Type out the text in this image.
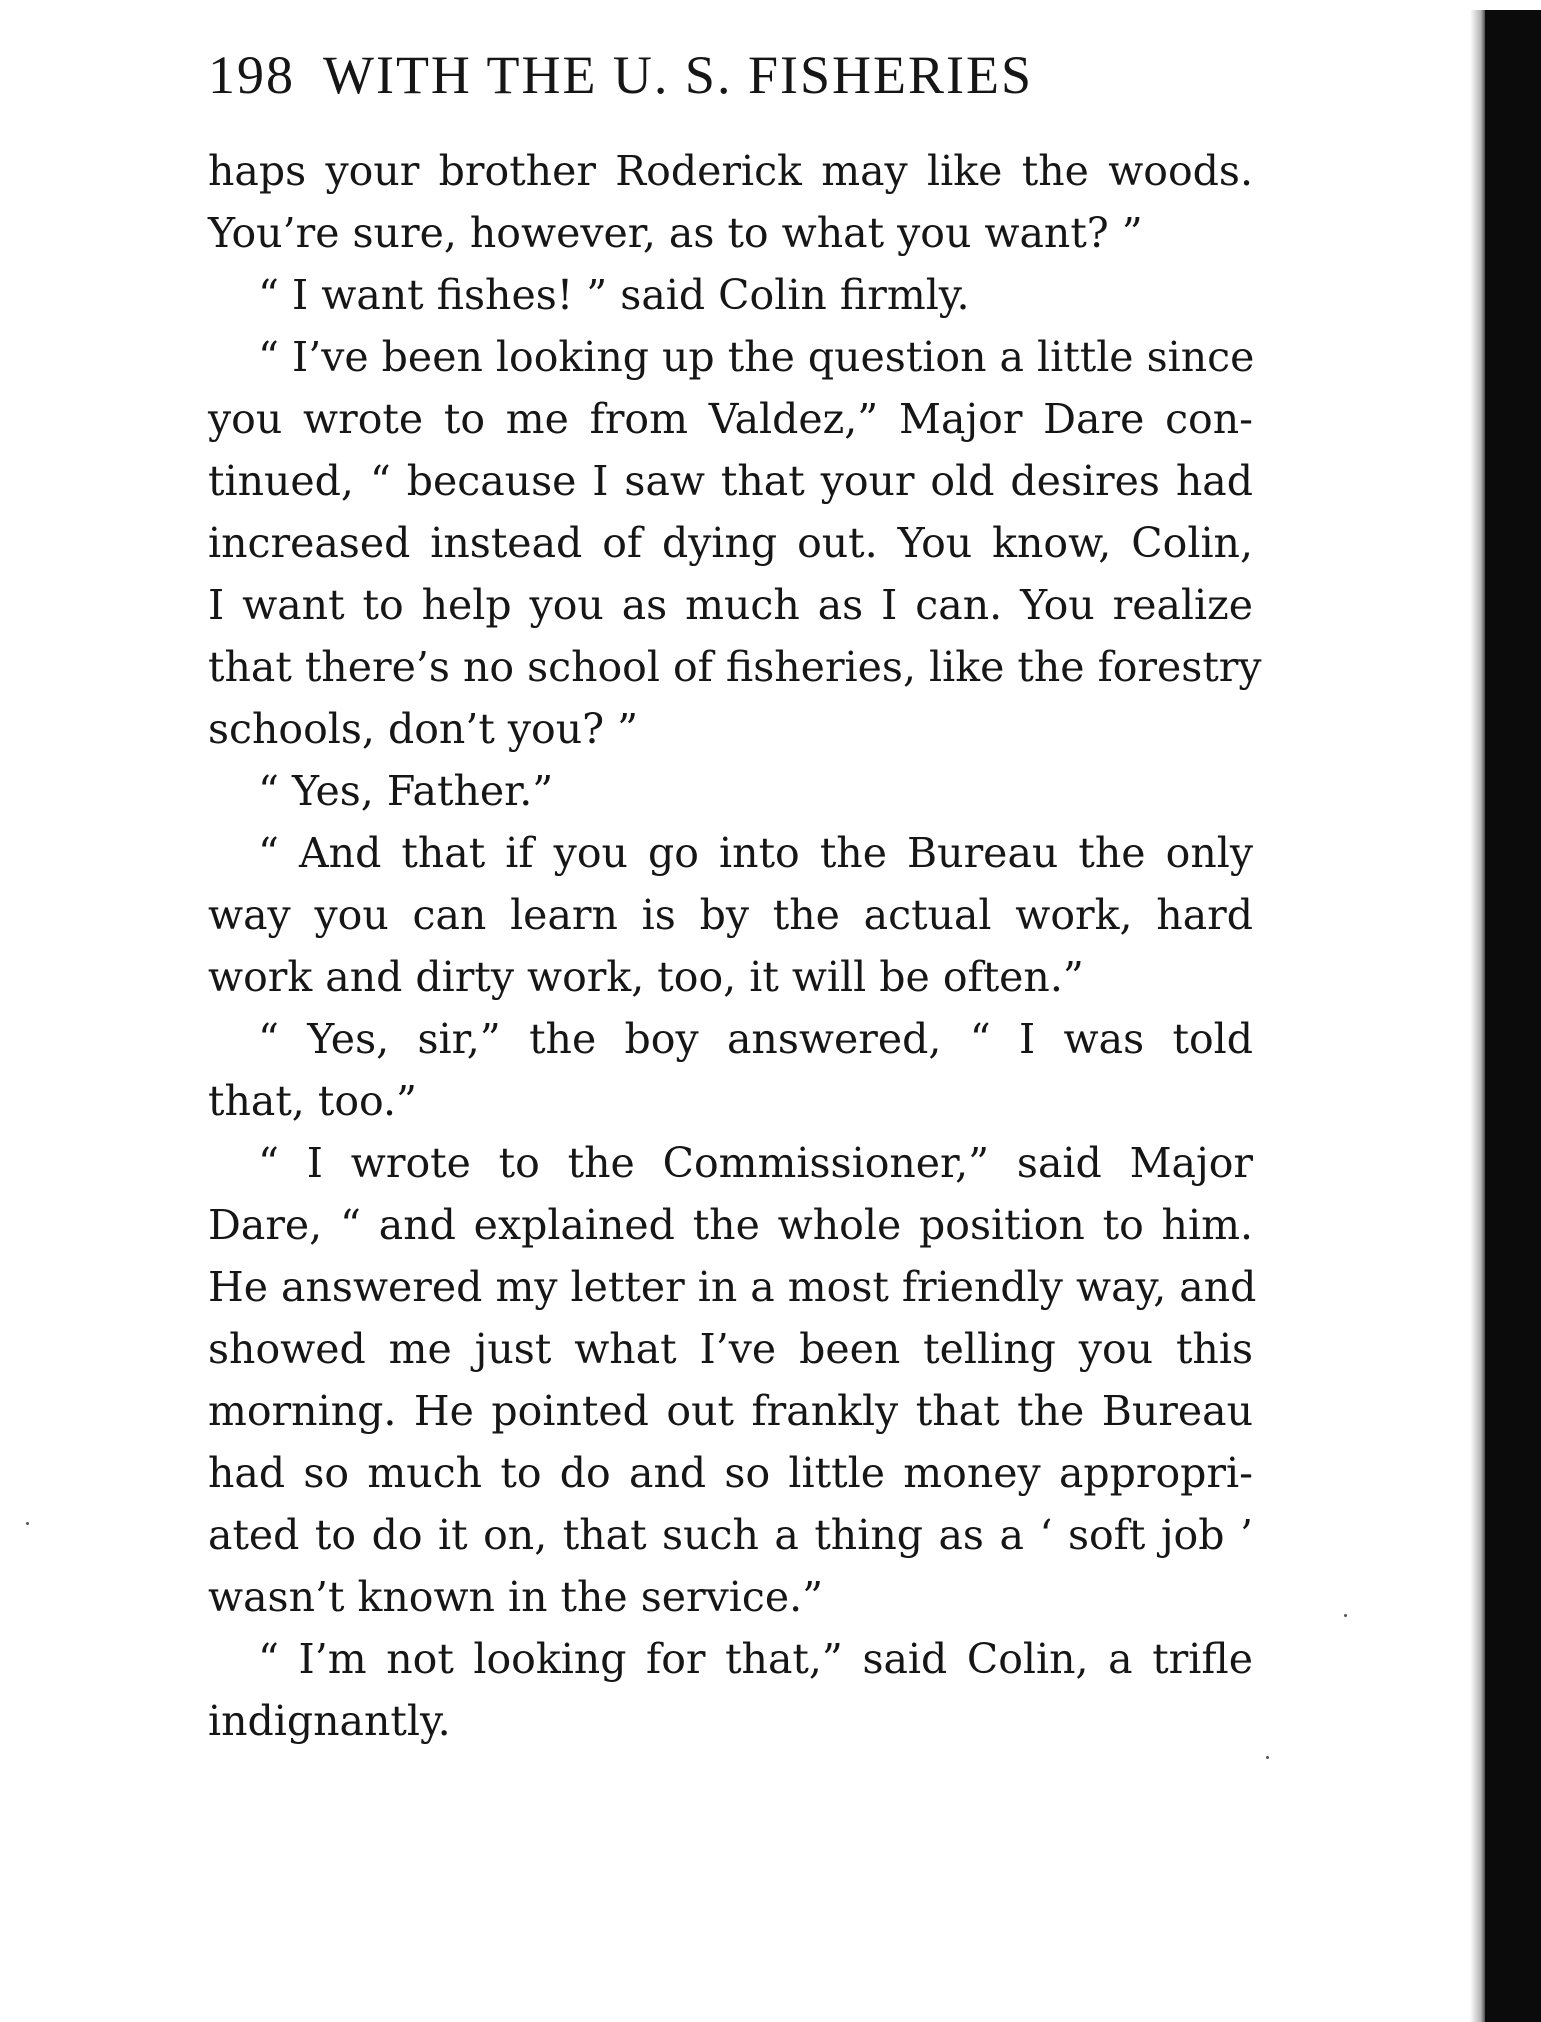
198 WITH THE U. S. FISHERIES
haps your brother Roderick may like the woods.
You’re sure, however, as to what you want? ”
“ I want fishes! ” said Colin firmly.
“ I’ve been looking up the question a little since
you wrote to me from Valdez,” Major Dare con-
tinued, “ because I saw that your old desires had
increased instead of dying out. You know, Colin,
I want to help you as much as I can. You realize
that there’s no school of fisheries, like the forestry
schools, don’t you? ”
“ Yes, Father.”
“ And that if you go into the Bureau the only
way you can learn is by the actual work, hard
work and dirty work, too, it will be often.”
“ Yes, sir,” the boy answered, “ I was told
that, too.”
“ I wrote to the Commissioner,” said Major
Dare, “ and explained the whole position to him.
He answered my letter in a most friendly way, and
showed me just what I’ve been telling you this
morning. He pointed out frankly that the Bureau
had so much to do and so little money appropri-
ated to do it on, that such a thing as a ‘ soft job ’
wasn’t known in the service.”
“ I’m not looking for that,” said Colin, a trifle
indignantly.
